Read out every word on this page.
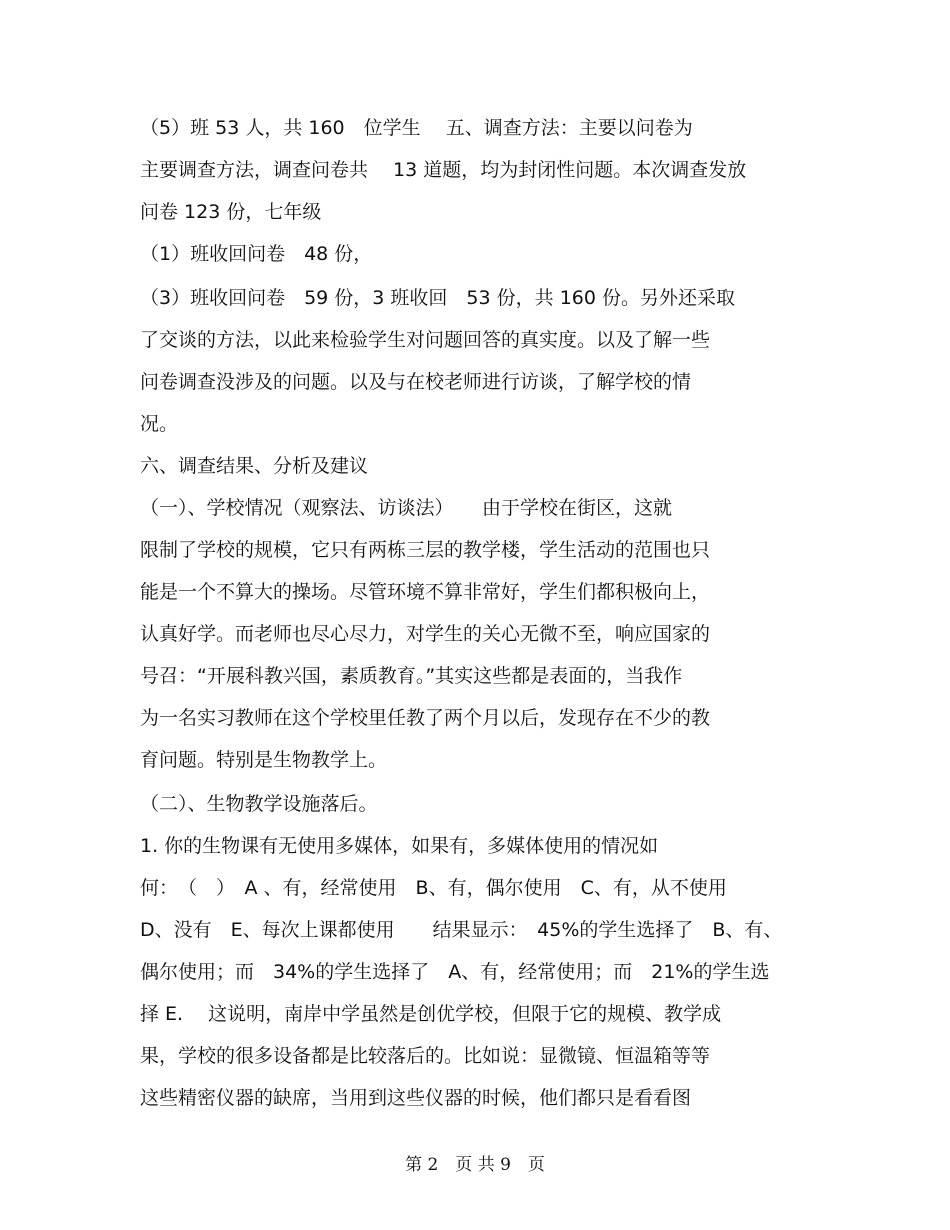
（5）班 53 人，共 160　位学生　 五、调查方法：主要以问卷为
主要调查方法，调查问卷共　 13 道题，均为封闭性问题。本次调查发放
问卷 123 份，七年级
（1）班收回问卷　48 份，
（3）班收回问卷　59 份，3 班收回　53 份，共 160 份。另外还采取
了交谈的方法，以此来检验学生对问题回答的真实度。以及了解一些
问卷调查没涉及的问题。以及与在校老师进行访谈，了解学校的情
况。
六、调查结果、分析及建议
（一）、学校情况（观察法、访谈法）　　由于学校在街区，这就
限制了学校的规模，它只有两栋三层的教学楼，学生活动的范围也只
能是一个不算大的操场。尽管环境不算非常好，学生们都积极向上，
认真好学。而老师也尽心尽力，对学生的关心无微不至，响应国家的
号召：“开展科教兴国，素质教育。”其实这些都是表面的，当我作
为一名实习教师在这个学校里任教了两个月以后，发现存在不少的教
育问题。特别是生物教学上。
（二）、生物教学设施落后。
1. 你的生物课有无使用多媒体，如果有，多媒体使用的情况如
何：　（　）　A 、有，经常使用　B、有，偶尔使用　C、有，从不使用
D、没有　E、每次上课都使用　　结果显示：　45%的学生选择了　B、有、
偶尔使用；而　34%的学生选择了　A、有，经常使用；而　21%的学生选
择 E.　 这说明，南岸中学虽然是创优学校，但限于它的规模、教学成
果，学校的很多设备都是比较落后的。比如说：显微镜、恒温箱等等
这些精密仪器的缺席，当用到这些仪器的时候，他们都只是看看图
第 2　页 共 9　页
